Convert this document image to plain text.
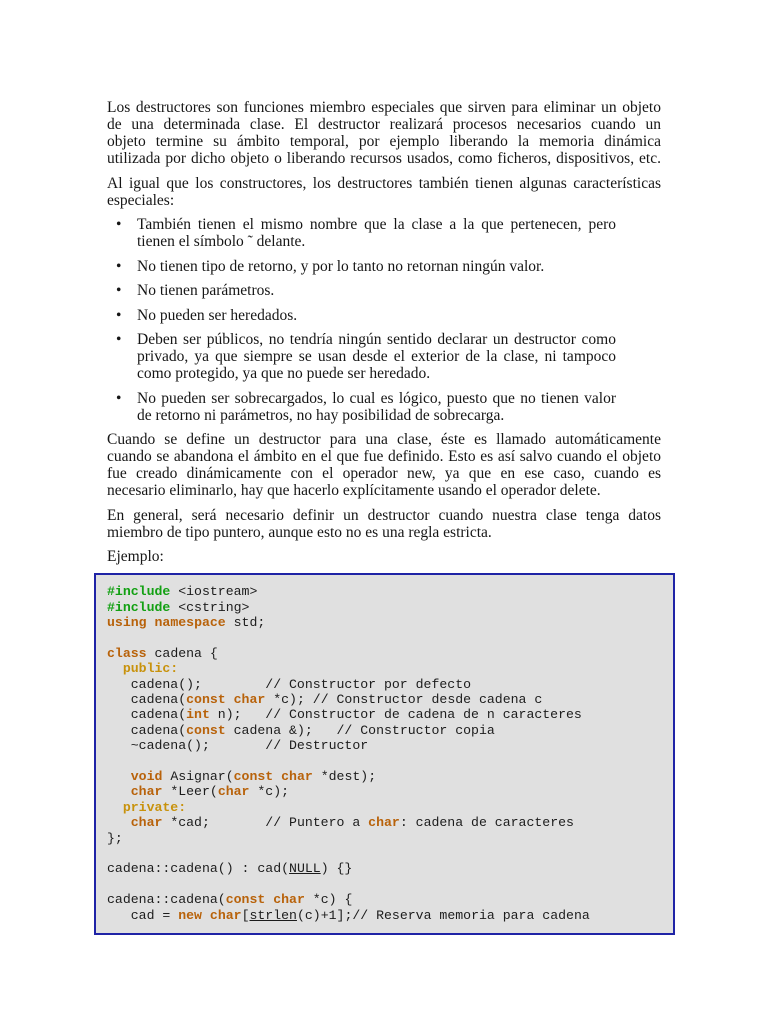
Los destructores son funciones miembro especiales que sirven para eliminar un objeto
de una determinada clase. El destructor realizará procesos necesarios cuando un
objeto termine su ámbito temporal, por ejemplo liberando la memoria dinámica
utilizada por dicho objeto o liberando recursos usados, como ficheros, dispositivos, etc.

Al igual que los constructores, los destructores también tienen algunas características
especiales:

• También tienen el mismo nombre que la clase a la que pertenecen, pero
tienen el símbolo ˜ delante.
• No tienen tipo de retorno, y por lo tanto no retornan ningún valor.
• No tienen parámetros.
• No pueden ser heredados.
• Deben ser públicos, no tendría ningún sentido declarar un destructor como
privado, ya que siempre se usan desde el exterior de la clase, ni tampoco
como protegido, ya que no puede ser heredado.
• No pueden ser sobrecargados, lo cual es lógico, puesto que no tienen valor
de retorno ni parámetros, no hay posibilidad de sobrecarga.

Cuando se define un destructor para una clase, éste es llamado automáticamente
cuando se abandona el ámbito en el que fue definido. Esto es así salvo cuando el objeto
fue creado dinámicamente con el operador new, ya que en ese caso, cuando es
necesario eliminarlo, hay que hacerlo explícitamente usando el operador delete.

En general, será necesario definir un destructor cuando nuestra clase tenga datos
miembro de tipo puntero, aunque esto no es una regla estricta.

Ejemplo:

#include <iostream>
#include <cstring>
using namespace std;
class cadena {
public:
cadena();        // Constructor por defecto
cadena(const char *c); // Constructor desde cadena c
cadena(int n);   // Constructor de cadena de n caracteres
cadena(const cadena &);   // Constructor copia
~cadena();       // Destructor
void Asignar(const char *dest);
char *Leer(char *c);
private:
char *cad;       // Puntero a char: cadena de caracteres
};
cadena::cadena() : cad(NULL) {}
cadena::cadena(const char *c) {
cad = new char[strlen(c)+1];// Reserva memoria para cadena
